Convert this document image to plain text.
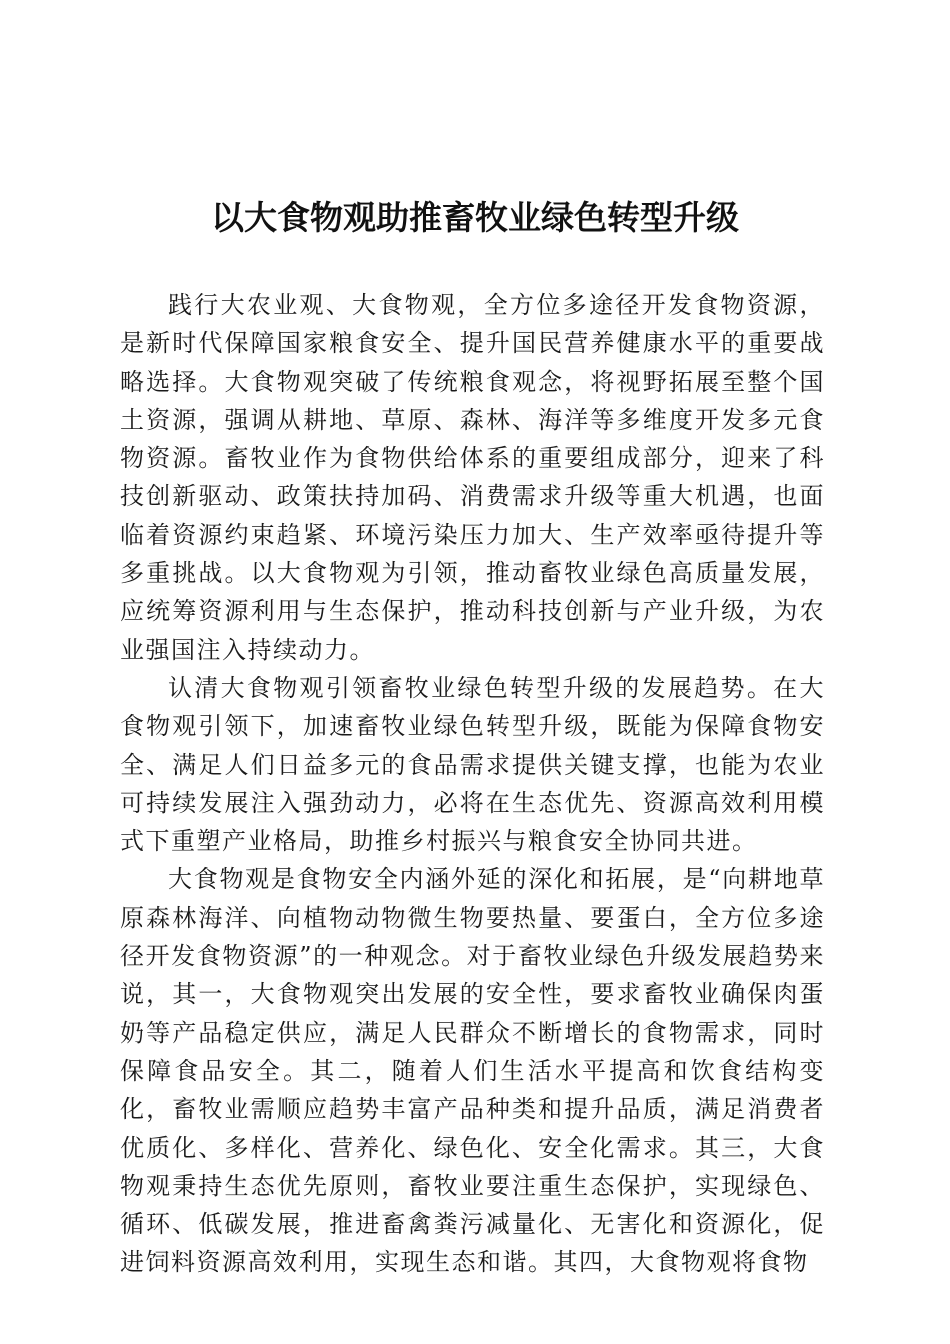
以大食物观助推畜牧业绿色转型升级

践行大农业观、大食物观，全方位多途径开发食物资源，是新时代保障国家粮食安全、提升国民营养健康水平的重要战略选择。大食物观突破了传统粮食观念，将视野拓展至整个国土资源，强调从耕地、草原、森林、海洋等多维度开发多元食物资源。畜牧业作为食物供给体系的重要组成部分，迎来了科技创新驱动、政策扶持加码、消费需求升级等重大机遇，也面临着资源约束趋紧、环境污染压力加大、生产效率亟待提升等多重挑战。以大食物观为引领，推动畜牧业绿色高质量发展，应统筹资源利用与生态保护，推动科技创新与产业升级，为农业强国注入持续动力。

认清大食物观引领畜牧业绿色转型升级的发展趋势。在大食物观引领下，加速畜牧业绿色转型升级，既能为保障食物安全、满足人们日益多元的食品需求提供关键支撑，也能为农业可持续发展注入强劲动力，必将在生态优先、资源高效利用模式下重塑产业格局，助推乡村振兴与粮食安全协同共进。

大食物观是食物安全内涵外延的深化和拓展，是“向耕地草原森林海洋、向植物动物微生物要热量、要蛋白，全方位多途径开发食物资源”的一种观念。对于畜牧业绿色升级发展趋势来说，其一，大食物观突出发展的安全性，要求畜牧业确保肉蛋奶等产品稳定供应，满足人民群众不断增长的食物需求，同时保障食品安全。其二，随着人们生活水平提高和饮食结构变化，畜牧业需顺应趋势丰富产品种类和提升品质，满足消费者优质化、多样化、营养化、绿色化、安全化需求。其三，大食物观秉持生态优先原则，畜牧业要注重生态保护，实现绿色、循环、低碳发展，推进畜禽粪污减量化、无害化和资源化，促进饲料资源高效利用，实现生态和谐。其四，大食物观将食物
